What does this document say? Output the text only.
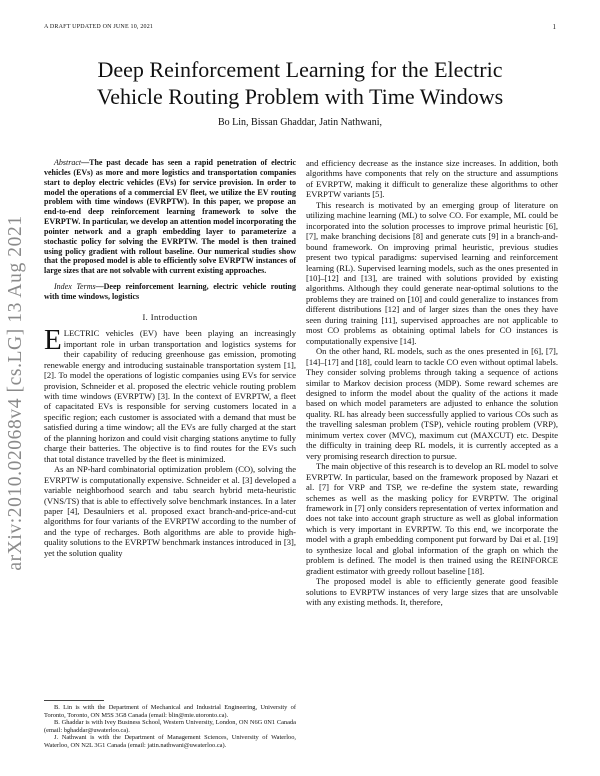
A DRAFT UPDATED ON JUNE 10, 2021	1
arXiv:2010.02068v4 [cs.LG] 13 Aug 2021
Deep Reinforcement Learning for the Electric
Vehicle Routing Problem with Time Windows
Bo Lin, Bissan Ghaddar, Jatin Nathwani,

Abstract—The past decade has seen a rapid penetration of electric vehicles (EVs) as more and more logistics and transportation companies start to deploy electric vehicles (EVs) for service provision. In order to model the operations of a commercial EV fleet, we utilize the EV routing problem with time windows (EVRPTW). In this paper, we propose an end-to-end deep reinforcement learning framework to solve the EVRPTW. In particular, we develop an attention model incorporating the pointer network and a graph embedding layer to parameterize a stochastic policy for solving the EVRPTW. The model is then trained using policy gradient with rollout baseline. Our numerical studies show that the proposed model is able to efficiently solve EVRPTW instances of large sizes that are not solvable with current existing approaches.

Index Terms—Deep reinforcement learning, electric vehicle routing with time windows, logistics

I. Introduction

ELECTRIC vehicles (EV) have been playing an increasingly important role in urban transportation and logistics systems for their capability of reducing greenhouse gas emission, promoting renewable energy and introducing sustainable transportation system [1], [2]. To model the operations of logistic companies using EVs for service provision, Schneider et al. proposed the electric vehicle routing problem with time windows (EVRPTW) [3]. In the context of EVRPTW, a fleet of capacitated EVs is responsible for serving customers located in a specific region; each customer is associated with a demand that must be satisfied during a time window; all the EVs are fully charged at the start of the planning horizon and could visit charging stations anytime to fully charge their batteries. The objective is to find routes for the EVs such that total distance travelled by the fleet is minimized.

As an NP-hard combinatorial optimization problem (CO), solving the EVRPTW is computationally expensive. Schneider et al. [3] developed a variable neighborhood search and tabu search hybrid meta-heuristic (VNS/TS) that is able to effectively solve benchmark instances. In a later paper [4], Desaulniers et al. proposed exact branch-and-price-and-cut algorithms for four variants of the EVRPTW according to the number of and the type of recharges. Both algorithms are able to provide high-quality solutions to the EVRPTW benchmark instances introduced in [3], yet the solution quality

B. Lin is with the Department of Mechanical and Industrial Engineering, University of Toronto, Toronto, ON M5S 3G8 Canada (email: blin@mie.utoronto.ca).

B. Ghaddar is with Ivey Business School, Western University, London, ON N6G 0N1 Canada (email: bghaddar@uwaterloo.ca).

J. Nathwani is with the Department of Management Sciences, University of Waterloo, Waterloo, ON N2L 3G1 Canada (email: jatin.nathwani@uwaterloo.ca).

and efficiency decrease as the instance size increases. In addition, both algorithms have components that rely on the structure and assumptions of EVRPTW, making it difficult to generalize these algorithms to other EVRPTW variants [5].

This research is motivated by an emerging group of literature on utilizing machine learning (ML) to solve CO. For example, ML could be incorporated into the solution processes to improve primal heuristic [6], [7], make branching decisions [8] and generate cuts [9] in a branch-and-bound framework. On improving primal heuristic, previous studies present two typical paradigms: supervised learning and reinforcement learning (RL). Supervised learning models, such as the ones presented in [10]–[12] and [13], are trained with solutions provided by existing algorithms. Although they could generate near-optimal solutions to the problems they are trained on [10] and could generalize to instances from different distributions [12] and of larger sizes than the ones they have seen during training [11], supervised approaches are not applicable to most CO problems as obtaining optimal labels for CO instances is computationally expensive [14].

On the other hand, RL models, such as the ones presented in [6], [7], [14]–[17] and [18], could learn to tackle CO even without optimal labels. They consider solving problems through taking a sequence of actions similar to Markov decision process (MDP). Some reward schemes are designed to inform the model about the quality of the actions it made based on which model parameters are adjusted to enhance the solution quality. RL has already been successfully applied to various COs such as the travelling salesman problem (TSP), vehicle routing problem (VRP), minimum vertex cover (MVC), maximum cut (MAXCUT) etc. Despite the difficulty in training deep RL models, it is currently accepted as a very promising research direction to pursue.

The main objective of this research is to develop an RL model to solve EVRPTW. In particular, based on the framework proposed by Nazari et al. [7] for VRP and TSP, we re-define the system state, rewarding schemes as well as the masking policy for EVRPTW. The original framework in [7] only considers representation of vertex information and does not take into account graph structure as well as global information which is very important in EVRPTW. To this end, we incorporate the model with a graph embedding component put forward by Dai et al. [19] to synthesize local and global information of the graph on which the problem is defined. The model is then trained using the REINFORCE gradient estimator with greedy rollout baseline [18].

The proposed model is able to efficiently generate good feasible solutions to EVRPTW instances of very large sizes that are unsolvable with any existing methods. It, therefore,
